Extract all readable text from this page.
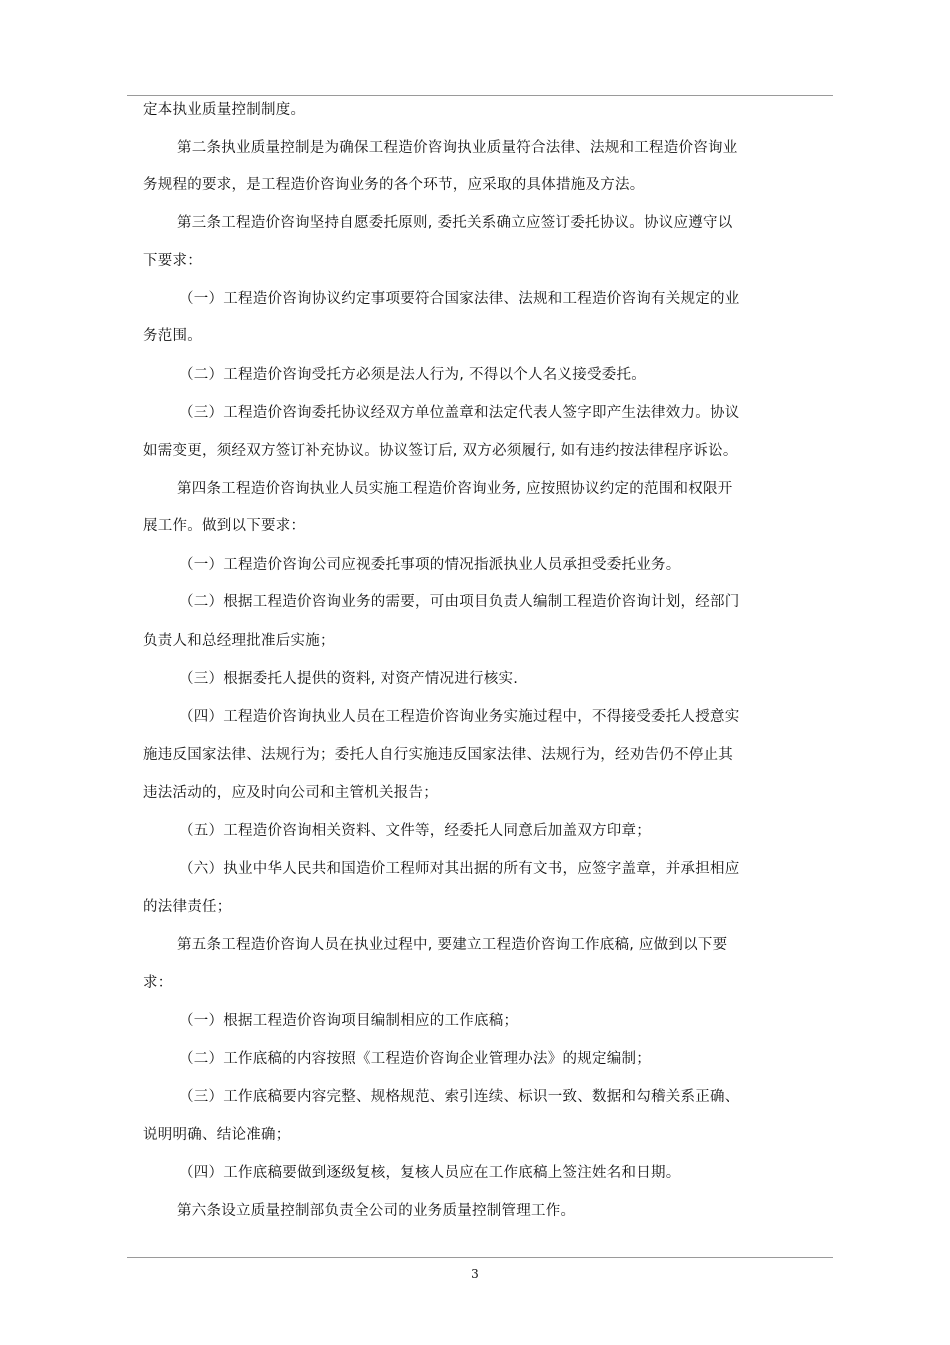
定本执业质量控制制度。
第二条执业质量控制是为确保工程造价咨询执业质量符合法律、法规和工程造价咨询业
务规程的要求，是工程造价咨询业务的各个环节，应采取的具体措施及方法。
第三条工程造价咨询坚持自愿委托原则, 委托关系确立应签订委托协议。协议应遵守以
下要求：
（一）工程造价咨询协议约定事项要符合国家法律、法规和工程造价咨询有关规定的业
务范围。
（二）工程造价咨询受托方必须是法人行为, 不得以个人名义接受委托。
（三）工程造价咨询委托协议经双方单位盖章和法定代表人签字即产生法律效力。协议
如需变更，须经双方签订补充协议。协议签订后, 双方必须履行, 如有违约按法律程序诉讼。
第四条工程造价咨询执业人员实施工程造价咨询业务, 应按照协议约定的范围和权限开
展工作。做到以下要求：
（一）工程造价咨询公司应视委托事项的情况指派执业人员承担受委托业务。
（二）根据工程造价咨询业务的需要，可由项目负责人编制工程造价咨询计划，经部门
负责人和总经理批准后实施；
（三）根据委托人提供的资料, 对资产情况进行核实.
（四）工程造价咨询执业人员在工程造价咨询业务实施过程中，不得接受委托人授意实
施违反国家法律、法规行为；委托人自行实施违反国家法律、法规行为，经劝告仍不停止其
违法活动的，应及时向公司和主管机关报告；
（五）工程造价咨询相关资料、文件等，经委托人同意后加盖双方印章；
（六）执业中华人民共和国造价工程师对其出据的所有文书，应签字盖章，并承担相应
的法律责任；
第五条工程造价咨询人员在执业过程中, 要建立工程造价咨询工作底稿, 应做到以下要
求：
（一）根据工程造价咨询项目编制相应的工作底稿；
（二）工作底稿的内容按照《工程造价咨询企业管理办法》的规定编制；
（三）工作底稿要内容完整、规格规范、索引连续、标识一致、数据和勾稽关系正确、
说明明确、结论准确；
（四）工作底稿要做到逐级复核，复核人员应在工作底稿上签注姓名和日期。
第六条设立质量控制部负责全公司的业务质量控制管理工作。
3
